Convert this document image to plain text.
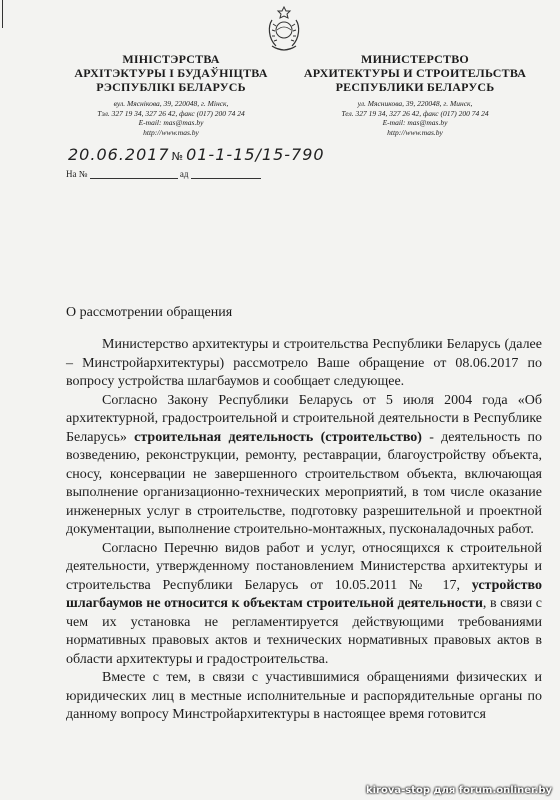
МIНIСТЭРСТВА
АРХIТЭКТУРЫ I БУДАЎНIЦТВА
РЭСПУБЛIКI БЕЛАРУСЬ
вул. Мяснiкова, 39, 220048, г. Мiнск,
Тэл. 327 19 34, 327 26 42, факс (017) 200 74 24
E-mail: mas@mas.by
http://www.mas.by
МИНИСТЕРСТВО
АРХИТЕКТУРЫ И СТРОИТЕЛЬСТВА
РЕСПУБЛИКИ БЕЛАРУСЬ
ул. Мясникова, 39, 220048, г. Минск,
Тел. 327 19 34, 327 26 42, факс (017) 200 74 24
E-mail: mas@mas.by
http://www.mas.by
20.06.2017 № 01-1-15/15-790
На №	ад
О рассмотрении обращения

Министерство архитектуры и строительства Республики Беларусь (далее – Минстройархитектуры) рассмотрело Ваше обращение от 08.06.2017 по вопросу устройства шлагбаумов и сообщает следующее.

Согласно Закону Республики Беларусь от 5 июля 2004 года «Об архитектурной, градостроительной и строительной деятельности в Республике Беларусь» строительная деятельность (строительство) - деятельность по возведению, реконструкции, ремонту, реставрации, благоустройству объекта, сносу, консервации не завершенного строительством объекта, включающая выполнение организационно-технических мероприятий, в том числе оказание инженерных услуг в строительстве, подготовку разрешительной и проектной документации, выполнение строительно-монтажных, пусконаладочных работ.

Согласно Перечню видов работ и услуг, относящихся к строительной деятельности, утвержденному постановлением Министерства архитектуры и строительства Республики Беларусь от 10.05.2011 № 17, устройство шлагбаумов не относится к объектам строительной деятельности, в связи с чем их установка не регламентируется действующими требованиями нормативных правовых актов и технических нормативных правовых актов в области архитектуры и градостроительства.

Вместе с тем, в связи с участившимися обращениями физических и юридических лиц в местные исполнительные и распорядительные органы по данному вопросу Минстройархитектуры в настоящее время готовится

kirova-stop для forum.onliner.by
